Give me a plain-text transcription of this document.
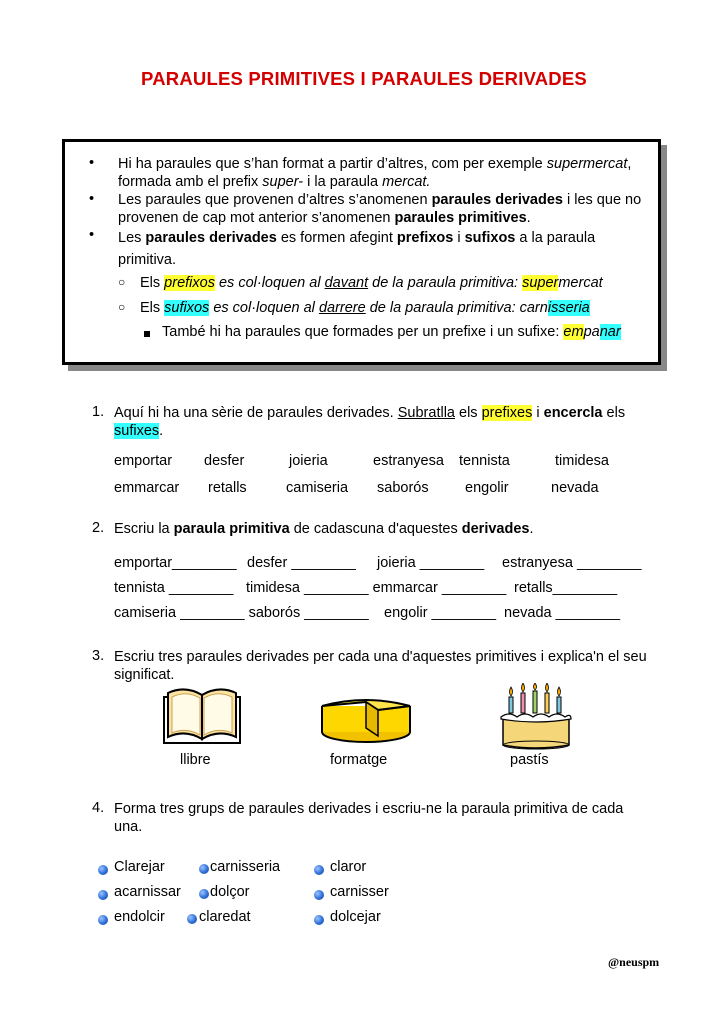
PARAULES PRIMITIVES I PARAULES DERIVADES
• Hi ha paraules que s’han format a partir d’altres, com per exemple supermercat,
formada amb el prefix super- i la paraula mercat.
• Les paraules que provenen d’altres s’anomenen paraules derivades i les que no
provenen de cap mot anterior s’anomenen paraules primitives.
• Les paraules derivades es formen afegint prefixos i sufixos a la paraula
primitiva.
○ Els prefixos es col·loquen al davant de la paraula primitiva: supermercat
○ Els sufixos es col·loquen al darrere de la paraula primitiva: carnisseria
També hi ha paraules que formades per un prefixe i un sufixe: empanar
1. Aquí hi ha una sèrie de paraules derivades. Subratlla els prefixes i encercla els
sufixes.
emportar desfer	joieria	estranyesa tennista	timidesa
emmarcar retalls	camiseria saborós	engolir	nevada
2. Escriu la paraula primitiva de cadascuna d'aquestes derivades.
emportar________ desfer ________ joieria ________ estranyesa ________
tennista ________ timidesa ________ emmarcar ________ retalls________
camiseria ________ saborós ________ engolir ________ nevada ________
3. Escriu tres paraules derivades per cada una d'aquestes primitives i explica'n el seu
significat.
llibre	formatge	pastís
4. Forma tres grups de paraules derivades i escriu-ne la paraula primitiva de cada
una.
Clarejar	carnisseria	claror
acarnissar dolçor	carnisser
endolcir claredat	dolcejar
@neuspm
